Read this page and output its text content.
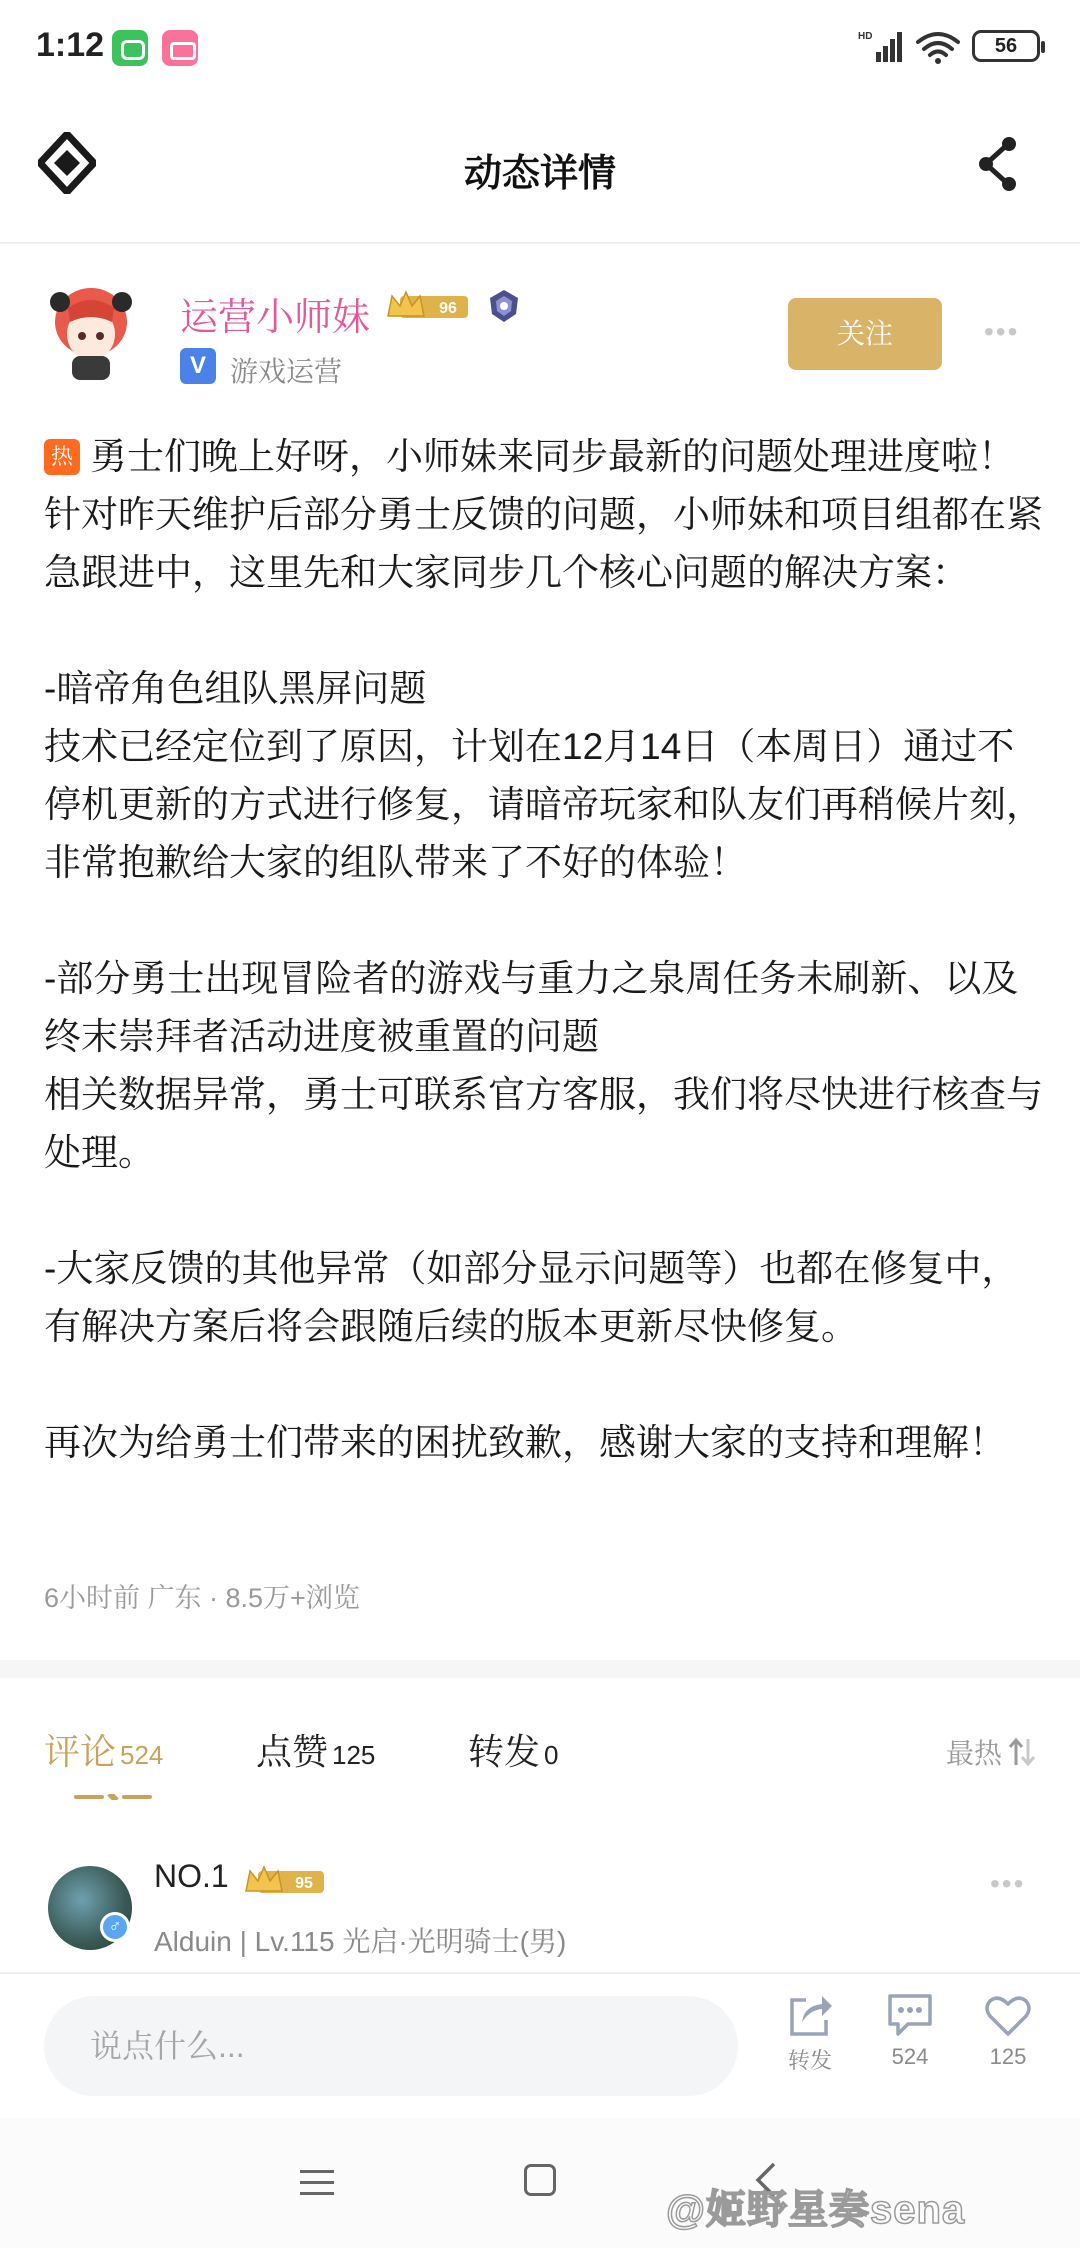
1:12	HD	56
动态详情
运营小师妹	96
V 游戏运营
关注	•••

热 勇士们晚上好呀，小师妹来同步最新的问题处理进度啦！

针对昨天维护后部分勇士反馈的问题，小师妹和项目组都在紧急跟进中，这里先和大家同步几个核心问题的解决方案：

-暗帝角色组队黑屏问题

技术已经定位到了原因，计划在12月14日（本周日）通过不停机更新的方式进行修复，请暗帝玩家和队友们再稍候片刻，非常抱歉给大家的组队带来了不好的体验！

-部分勇士出现冒险者的游戏与重力之泉周任务未刷新、以及终末崇拜者活动进度被重置的问题

相关数据异常，勇士可联系官方客服，我们将尽快进行核查与处理。

-大家反馈的其他异常（如部分显示问题等）也都在修复中，有解决方案后将会跟随后续的版本更新尽快修复。

再次为给勇士们带来的困扰致歉，感谢大家的支持和理解！

6小时前 广东 · 8.5万+浏览
评论 524	点赞 125	转发 0	最热
♂
NO.1	95
Alduin | Lv.115 光启·光明骑士(男)
•••
说点什么...
转发	524	125
@姬野星奏sena
